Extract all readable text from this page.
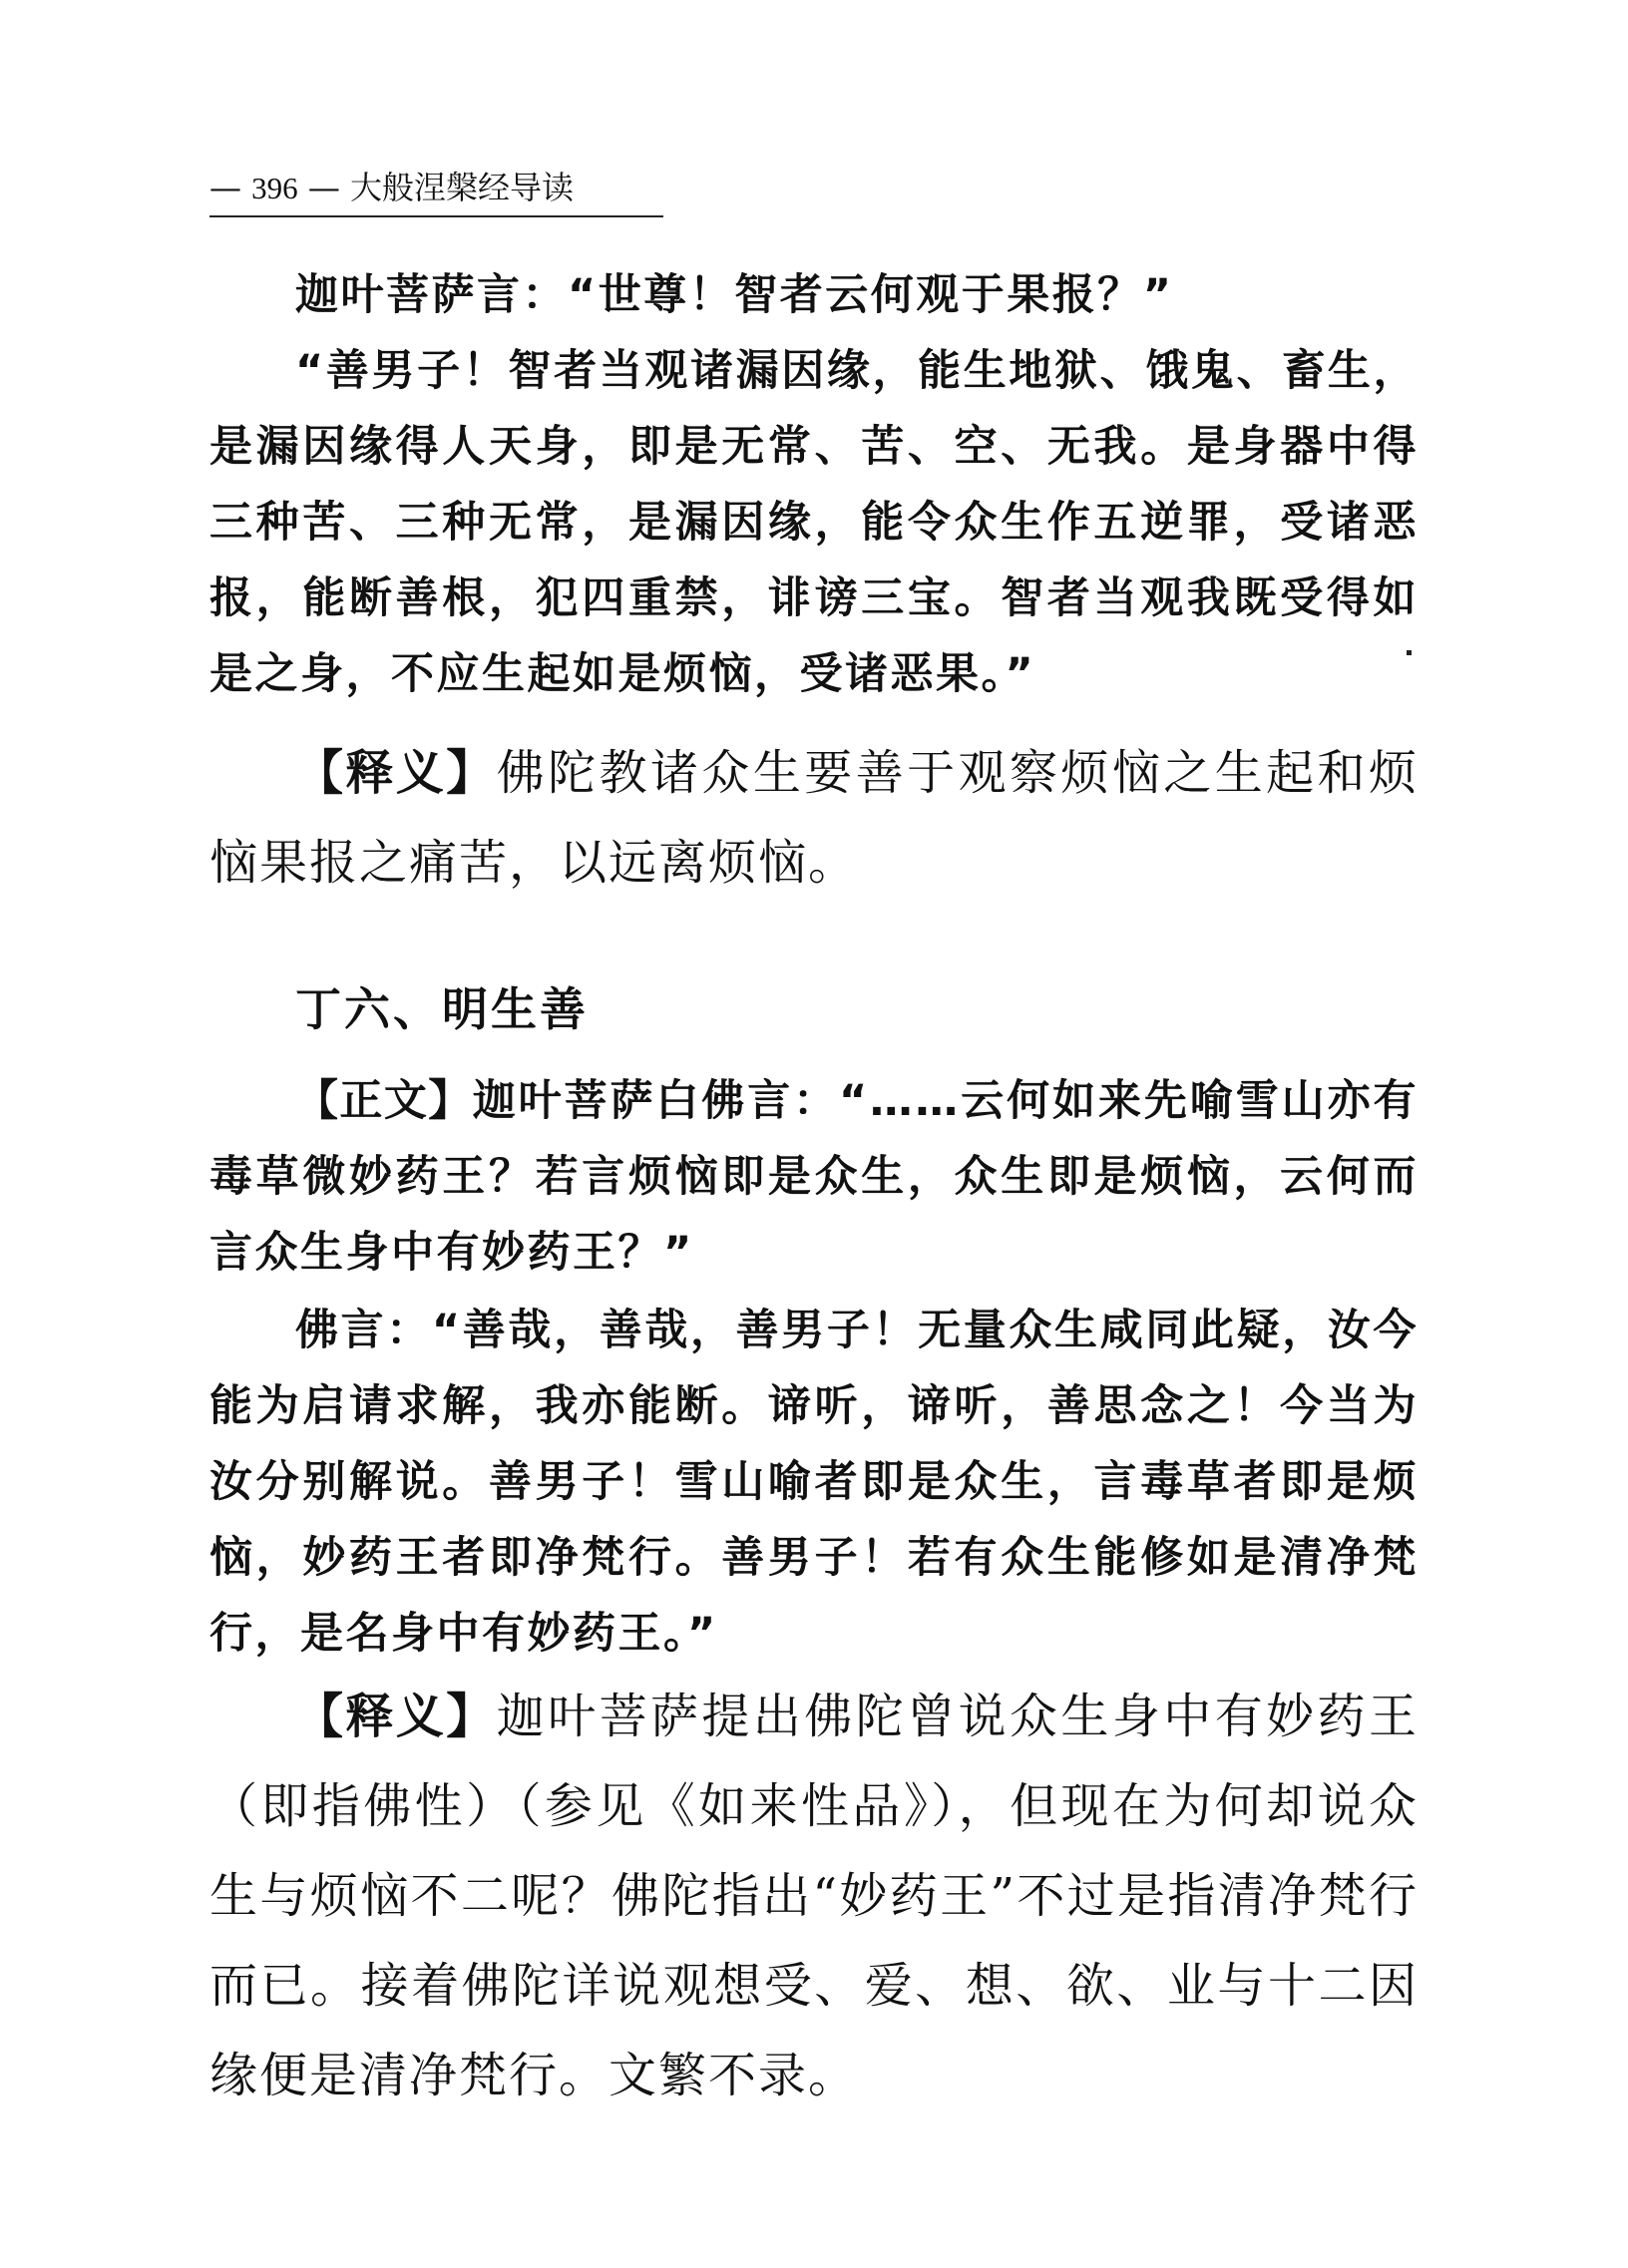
— 396 — 大般涅槃经导读
迦叶菩萨言：“世尊！智者云何观于果报？”
“善男子！智者当观诸漏因缘，能生地狱、饿鬼、畜生，是漏因缘得人天身，即是无常、苦、空、无我。是身器中得三种苦、三种无常，是漏因缘，能令众生作五逆罪，受诸恶报，能断善根，犯四重禁，诽谤三宝。智者当观我既受得如是之身，不应生起如是烦恼，受诸恶果。”
【释义】佛陀教诸众生要善于观察烦恼之生起和烦恼果报之痛苦，以远离烦恼。
丁六、明生善
【正文】迦叶菩萨白佛言：“……云何如来先喻雪山亦有毒草微妙药王？若言烦恼即是众生，众生即是烦恼，云何而言众生身中有妙药王？”
佛言：“善哉，善哉，善男子！无量众生咸同此疑，汝今能为启请求解，我亦能断。谛听，谛听，善思念之！今当为汝分别解说。善男子！雪山喻者即是众生，言毒草者即是烦恼，妙药王者即净梵行。善男子！若有众生能修如是清净梵行，是名身中有妙药王。”
【释义】迦叶菩萨提出佛陀曾说众生身中有妙药王（即指佛性）（参见《如来性品》），但现在为何却说众生与烦恼不二呢？佛陀指出“妙药王”不过是指清净梵行而已。接着佛陀详说观想受、爱、想、欲、业与十二因缘便是清净梵行。文繁不录。
